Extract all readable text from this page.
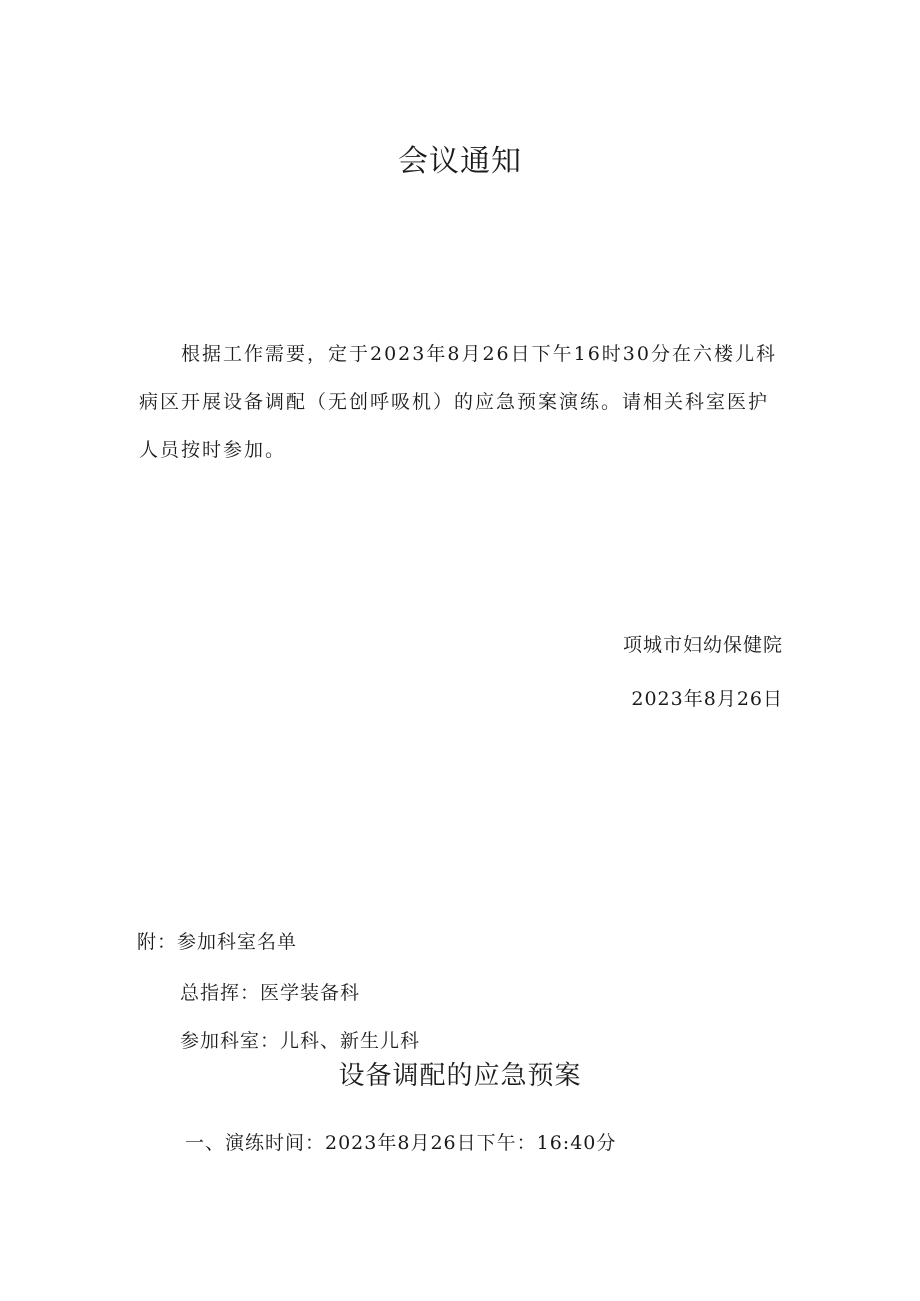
会议通知

根据工作需要，定于2023年8月26日下午16时30分在六楼儿科病区开展设备调配（无创呼吸机）的应急预案演练。请相关科室医护人员按时参加。

项城市妇幼保健院
2023年8月26日
附：参加科室名单
总指挥：医学装备科
参加科室：儿科、新生儿科
设备调配的应急预案
一、演练时间：2023年8月26日下午：16:40分
